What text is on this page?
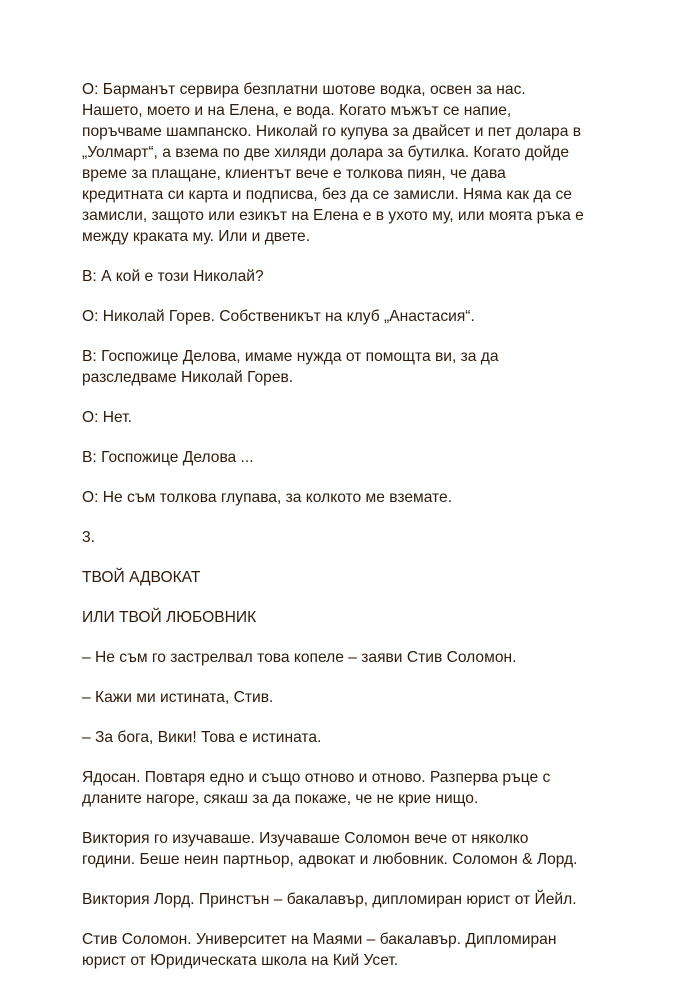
О: Барманът сервира безплатни шотове водка, освен за нас.
Нашето, моето и на Елена, е вода. Когато мъжът се напие,
поръчваме шампанско. Николай го купува за двайсет и пет долара в
„Уолмарт“, а взема по две хиляди долара за бутилка. Когато дойде
време за плащане, клиентът вече е толкова пиян, че дава
кредитната си карта и подписва, без да се замисли. Няма как да се
замисли, защото или езикът на Елена е в ухото му, или моята ръка е
между краката му. Или и двете.

В: А кой е този Николай?

О: Николай Горев. Собственикът на клуб „Анастасия“.

В: Госпожице Делова, имаме нужда от помощта ви, за да
разследваме Николай Горев.

О: Нет.

В: Госпожице Делова ...

О: Не съм толкова глупава, за колкото ме вземате.

3.

ТВОЙ АДВОКАТ

ИЛИ ТВОЙ ЛЮБОВНИК

– Не съм го застрелвал това копеле – заяви Стив Соломон.

– Кажи ми истината, Стив.

– За бога, Вики! Това е истината.

Ядосан. Повтаря едно и също отново и отново. Разперва ръце с
дланите нагоре, сякаш за да покаже, че не крие нищо.

Виктория го изучаваше. Изучаваше Соломон вече от няколко
години. Беше неин партньор, адвокат и любовник. Соломон & Лорд.

Виктория Лорд. Принстън – бакалавър, дипломиран юрист от Йейл.

Стив Соломон. Университет на Маями – бакалавър. Дипломиран
юрист от Юридическата школа на Кий Усет.
